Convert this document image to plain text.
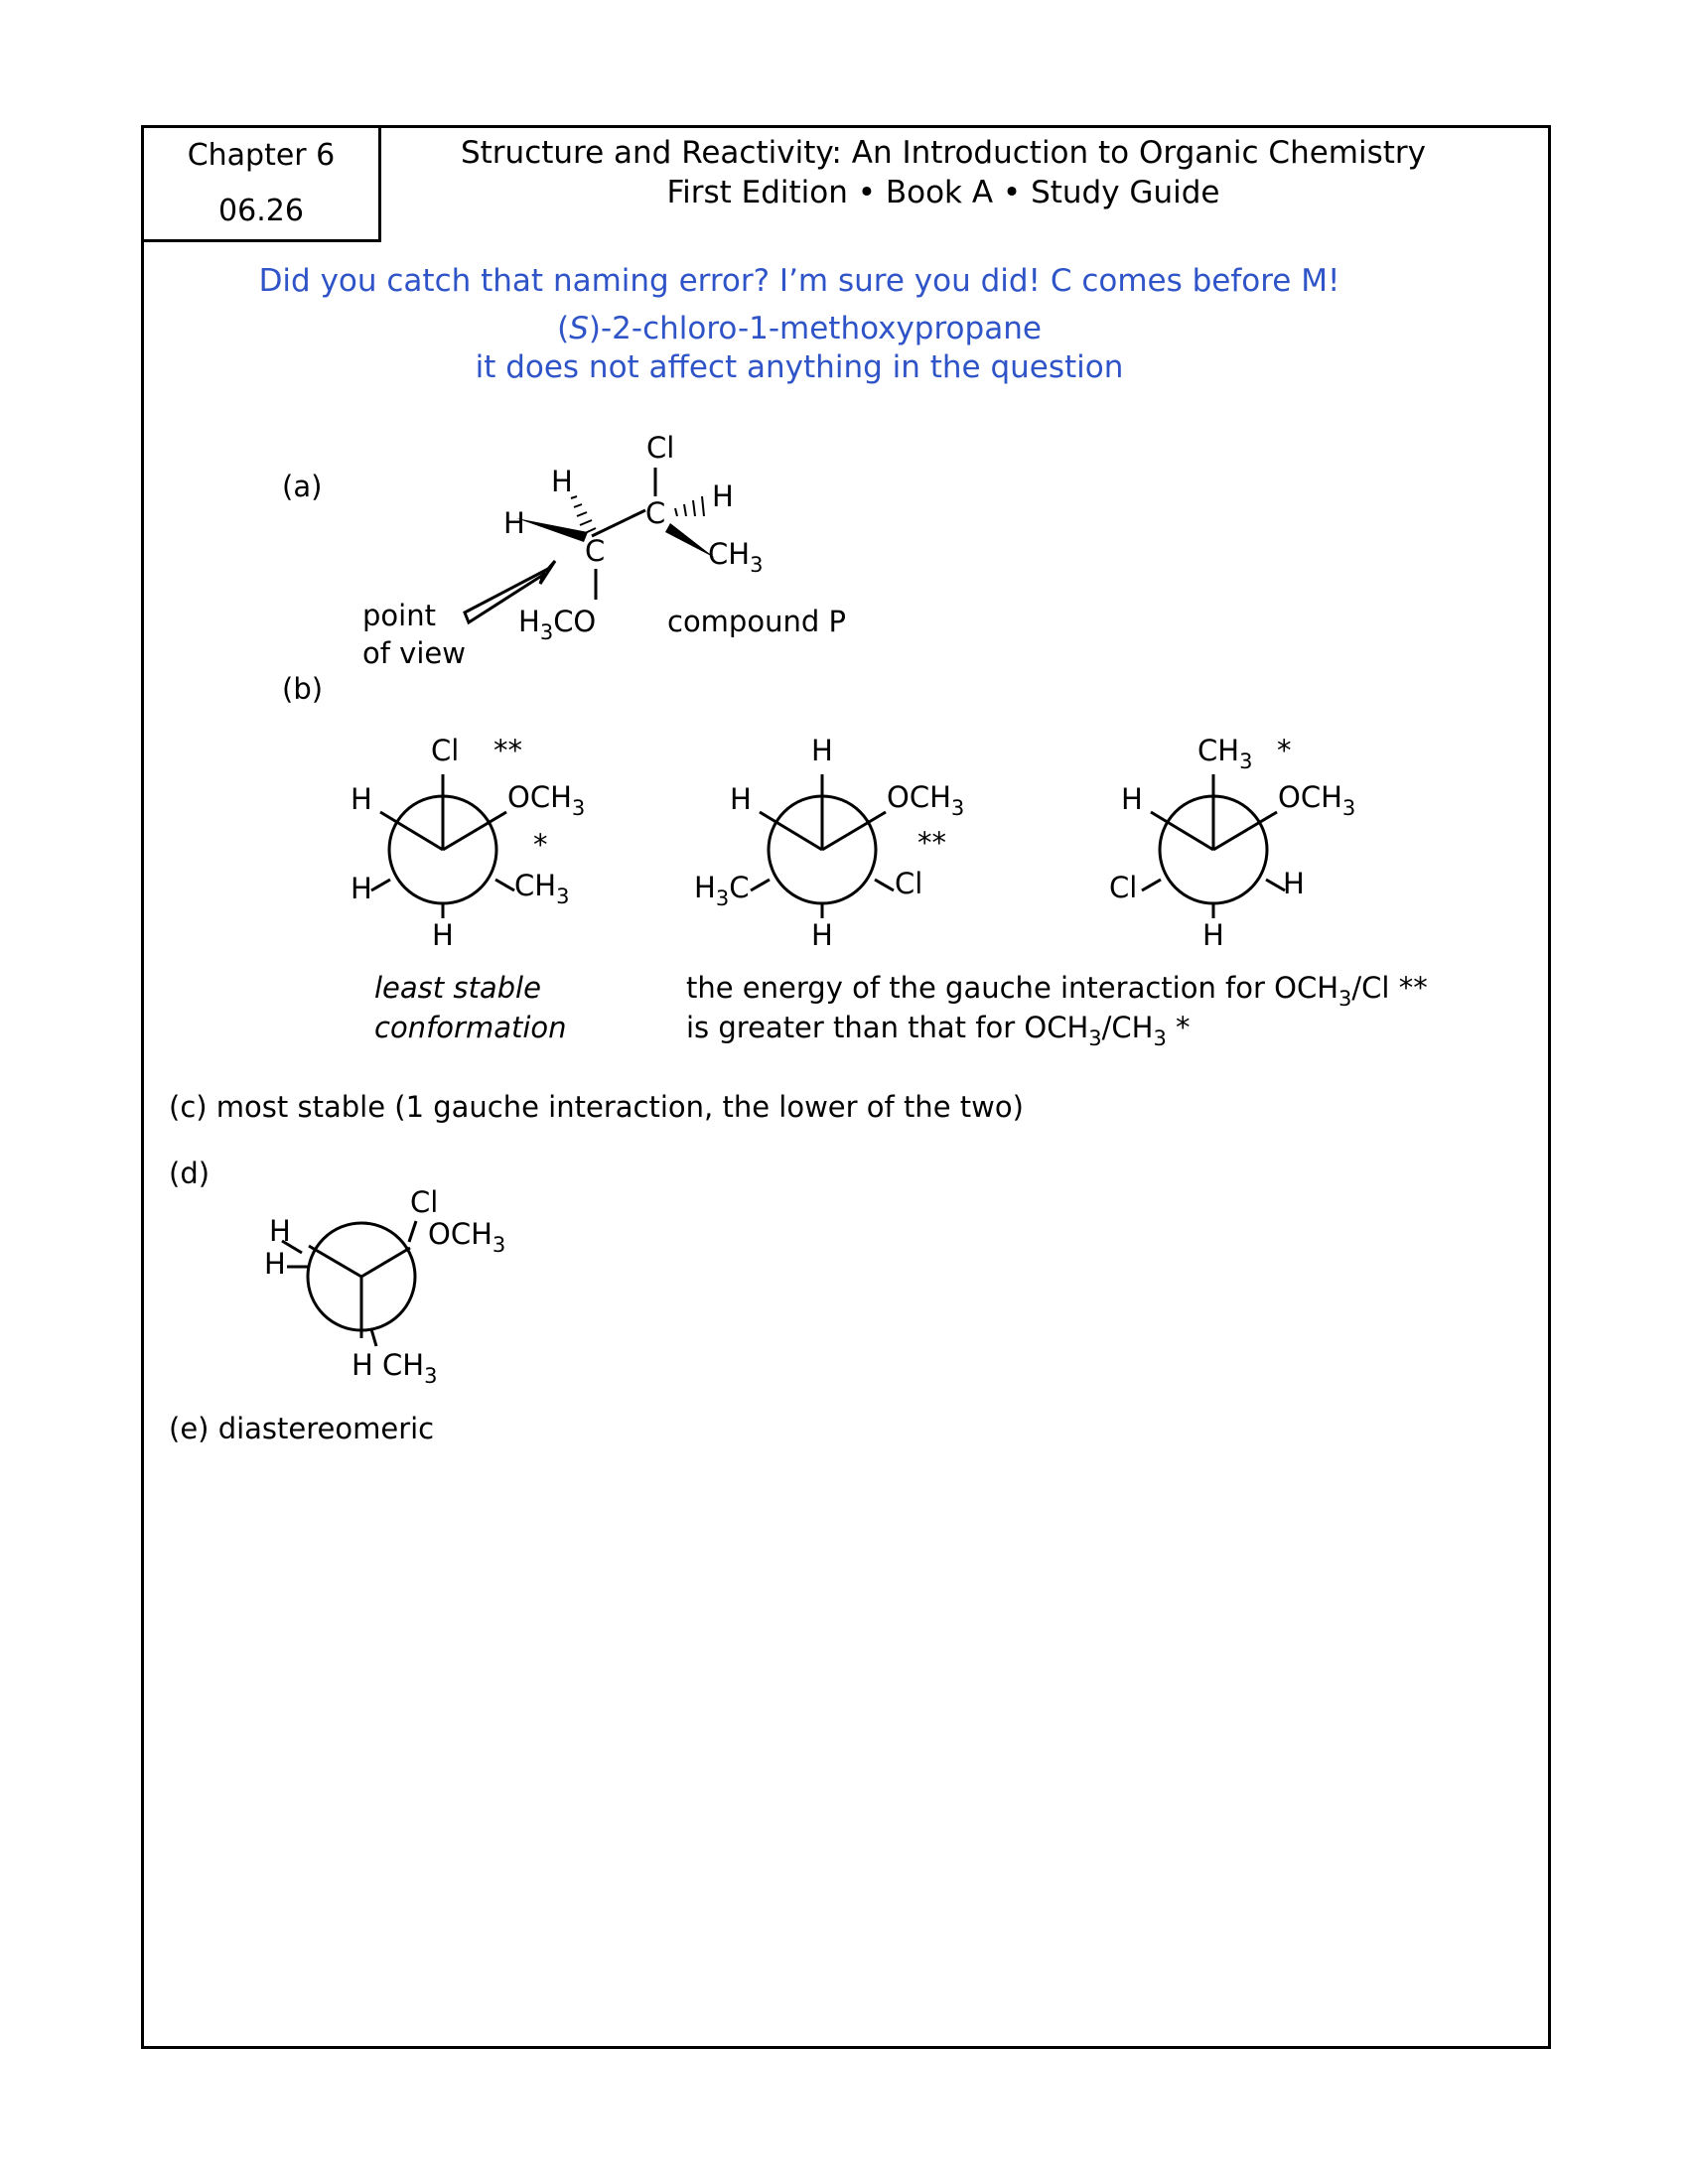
Chapter 6
06.26
Structure and Reactivity: An Introduction to Organic Chemistry
First Edition • Book A • Study Guide
Did you catch that naming error? I’m sure you did! C comes before M!
(S)-2-chloro-1-methoxypropane
it does not affect anything in the question
(a)
(b)
(c) most stable (1 gauche interaction, the lower of the two)
(d)
(e) diastereomeric
Cl
H
H
H
C
C
$CH_3$
$H_3CO$ compound P
point
of view
Cl **
H	$OCH_3$
*
H	$CH_3$
H
H
H	$OCH_3$
**
$H_3C$	Cl
H
$CH_3$ *
H	$OCH_3$
Cl	H
H
least stable
conformation
the energy of the gauche interaction for $OCH_3/Cl$ **
is greater than that for $OCH_3/CH_3$ *
Cl
$OCH_3$
H
H
H $CH_3$
